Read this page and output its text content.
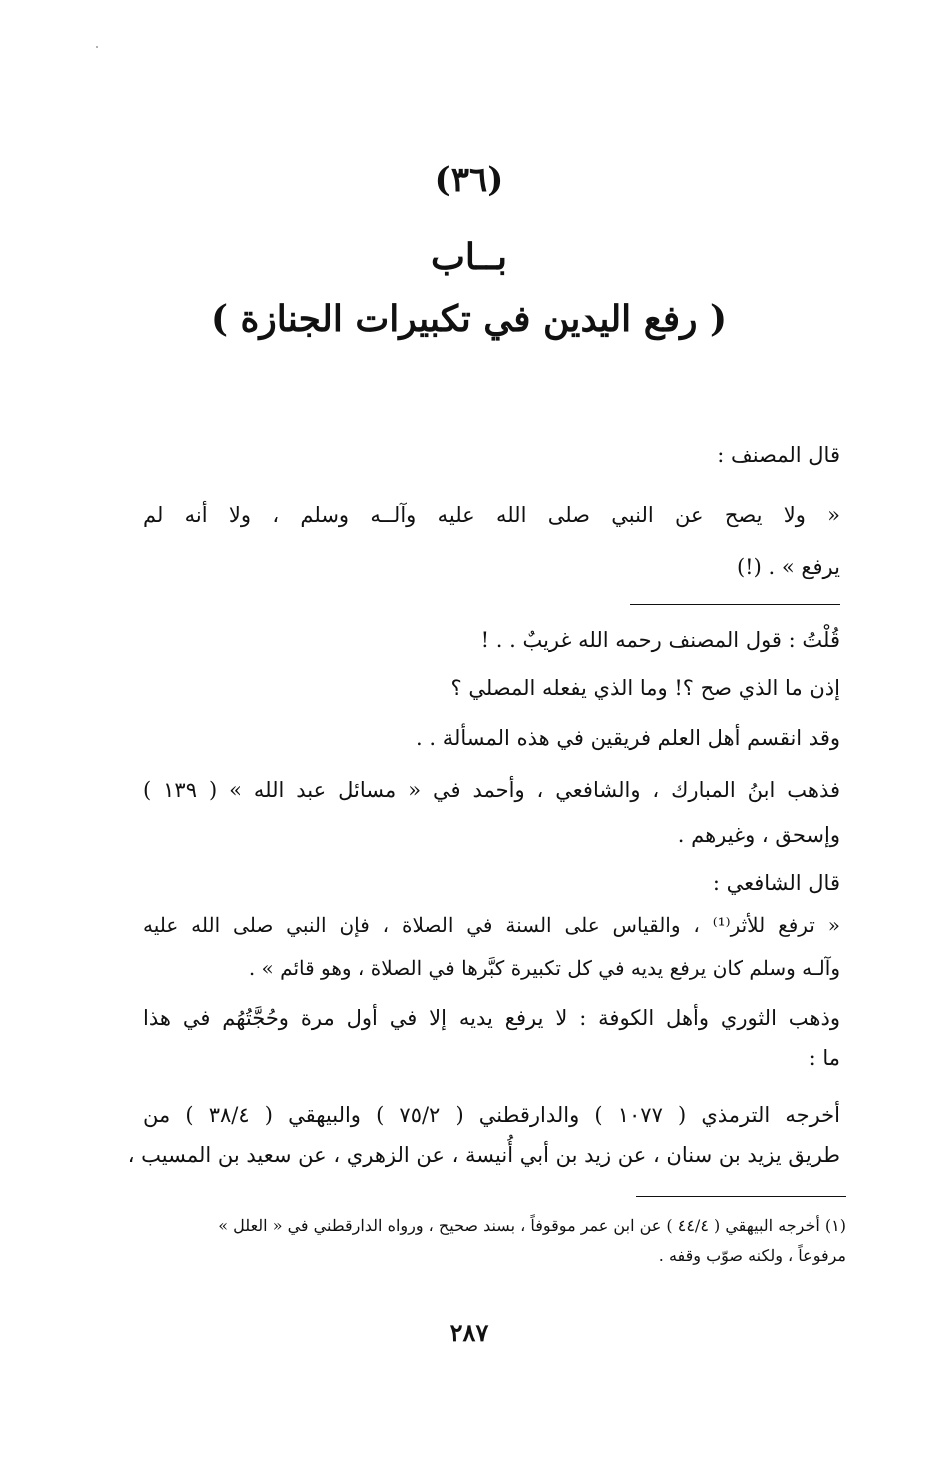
(٣٦)
بــاب
( رفع اليدين في تكبيرات الجنازة )
قال المصنف :
« ولا يصح عن النبي صلى الله عليه وآلــه وسلم ، ولا أنه لم
يرفع » . (!)
قُلْتُ : قول المصنف رحمه الله غريبٌ . . !
إذن ما الذي صح ؟! وما الذي يفعله المصلي ؟
وقد انقسم أهل العلم فريقين في هذه المسألة . .
فذهب ابنُ المبارك ، والشافعي ، وأحمد في « مسائل عبد الله » ( ١٣٩ )
وإسحق ، وغيرهم .
قال الشافعي :
« ترفع للأثر⁽¹⁾ ، والقياس على السنة في الصلاة ، فإن النبي صلى الله عليه
وآلـه وسلم كان يرفع يديه في كل تكبيرة كبَّرها في الصلاة ، وهو قائم » .
وذهب الثوري وأهل الكوفة : لا يرفع يديه إلا في أول مرة وحُجَّتُهُم في هذا
ما :
أخرجه الترمذي ( ١٠٧٧ ) والدارقطني ( ٧٥/٢ ) والبيهقي ( ٣٨/٤ ) من
طريق يزيد بن سنان ، عن زيد بن أبي أُنيسة ، عن الزهري ، عن سعيد بن المسيب ،
(١) أخرجه البيهقي ( ٤٤/٤ ) عن ابن عمر موقوفاً ، بسند صحيح ، ورواه الدارقطني في « العلل »
مرفوعاً ، ولكنه صوّب وقفه .
٢٨٧
